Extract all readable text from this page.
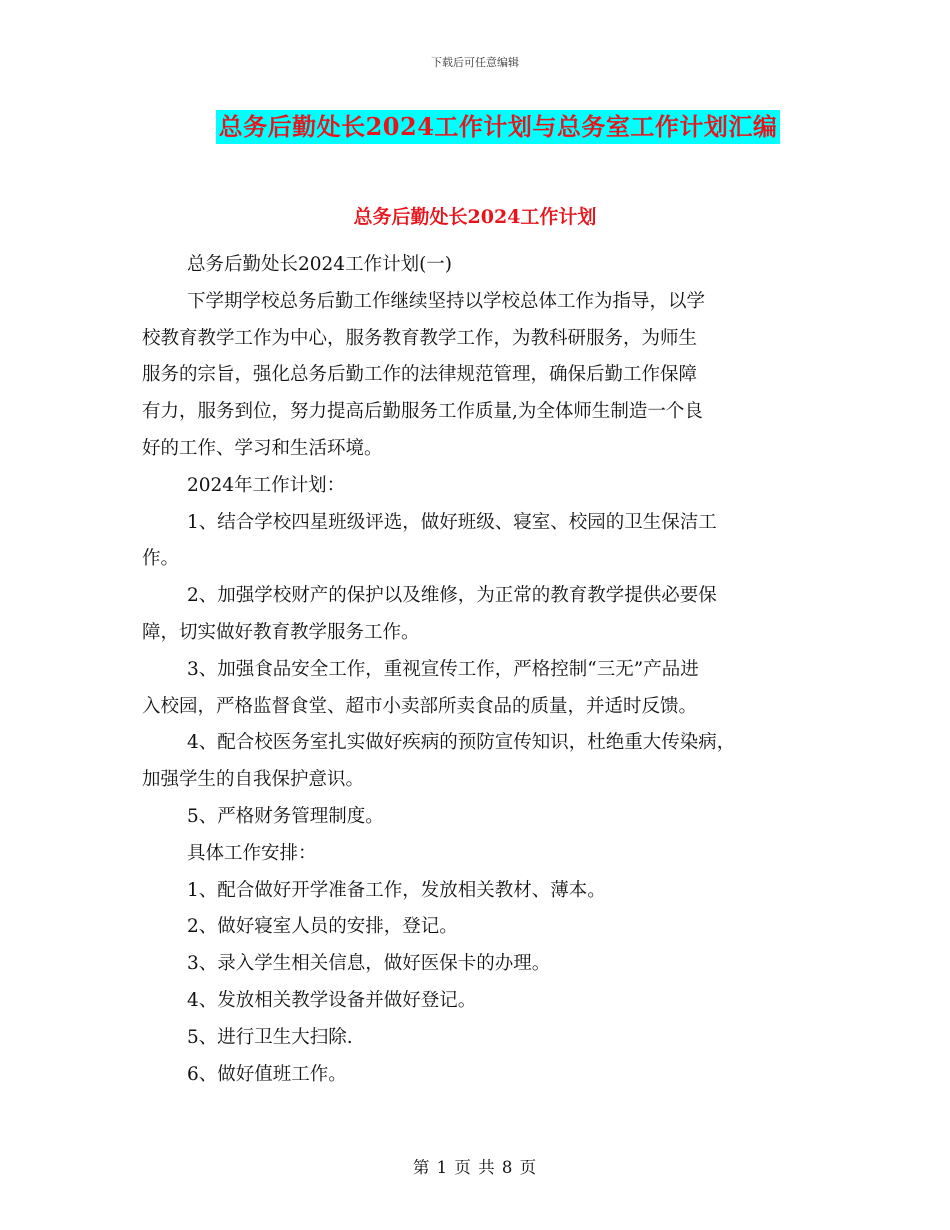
下载后可任意编辑
总务后勤处长2024工作计划与总务室工作计划汇编
总务后勤处长2024工作计划

总务后勤处长2024工作计划(一)

下学期学校总务后勤工作继续坚持以学校总体工作为指导，以学

校教育教学工作为中心，服务教育教学工作，为教科研服务，为师生

服务的宗旨，强化总务后勤工作的法律规范管理，确保后勤工作保障

有力，服务到位，努力提高后勤服务工作质量,为全体师生制造一个良

好的工作、学习和生活环境。

2024年工作计划：

1、结合学校四星班级评选，做好班级、寝室、校园的卫生保洁工

作。

2、加强学校财产的保护以及维修，为正常的教育教学提供必要保

障，切实做好教育教学服务工作。

3、加强食品安全工作，重视宣传工作，严格控制“三无”产品进

入校园，严格监督食堂、超市小卖部所卖食品的质量，并适时反馈。

4、配合校医务室扎实做好疾病的预防宣传知识，杜绝重大传染病，

加强学生的自我保护意识。

5、严格财务管理制度。

具体工作安排：

1、配合做好开学准备工作，发放相关教材、薄本。

2、做好寝室人员的安排，登记。

3、录入学生相关信息，做好医保卡的办理。

4、发放相关教学设备并做好登记。

5、进行卫生大扫除.

6、做好值班工作。

第 1 页 共 8 页
